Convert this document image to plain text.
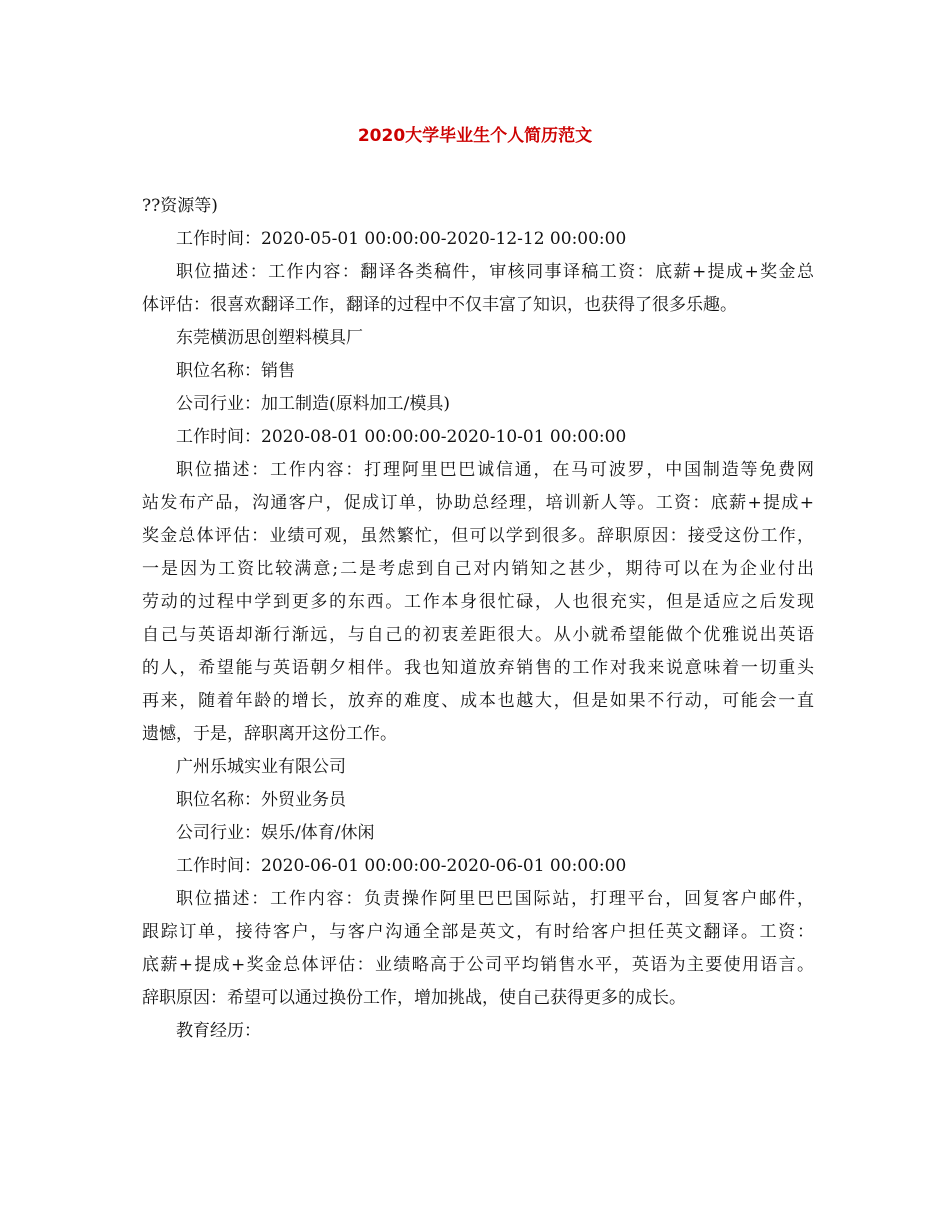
2020大学毕业生个人简历范文
??资源等)
工作时间：2020-05-01 00:00:00-2020-12-12 00:00:00
职位描述：工作内容：翻译各类稿件，审核同事译稿工资：底薪+提成+奖金总
体评估：很喜欢翻译工作，翻译的过程中不仅丰富了知识，也获得了很多乐趣。
东莞横沥思创塑料模具厂
职位名称：销售
公司行业：加工制造(原料加工/模具)
工作时间：2020-08-01 00:00:00-2020-10-01 00:00:00
职位描述：工作内容：打理阿里巴巴诚信通，在马可波罗，中国制造等免费网
站发布产品，沟通客户，促成订单，协助总经理，培训新人等。工资：底薪+提成+
奖金总体评估：业绩可观，虽然繁忙，但可以学到很多。辞职原因：接受这份工作，
一是因为工资比较满意;二是考虑到自己对内销知之甚少，期待可以在为企业付出
劳动的过程中学到更多的东西。工作本身很忙碌，人也很充实，但是适应之后发现
自己与英语却渐行渐远，与自己的初衷差距很大。从小就希望能做个优雅说出英语
的人，希望能与英语朝夕相伴。我也知道放弃销售的工作对我来说意味着一切重头
再来，随着年龄的增长，放弃的难度、成本也越大，但是如果不行动，可能会一直
遗憾，于是，辞职离开这份工作。
广州乐城实业有限公司
职位名称：外贸业务员
公司行业：娱乐/体育/休闲
工作时间：2020-06-01 00:00:00-2020-06-01 00:00:00
职位描述：工作内容：负责操作阿里巴巴国际站，打理平台，回复客户邮件，
跟踪订单，接待客户，与客户沟通全部是英文，有时给客户担任英文翻译。工资：
底薪+提成+奖金总体评估：业绩略高于公司平均销售水平，英语为主要使用语言。
辞职原因：希望可以通过换份工作，增加挑战，使自己获得更多的成长。
教育经历：
